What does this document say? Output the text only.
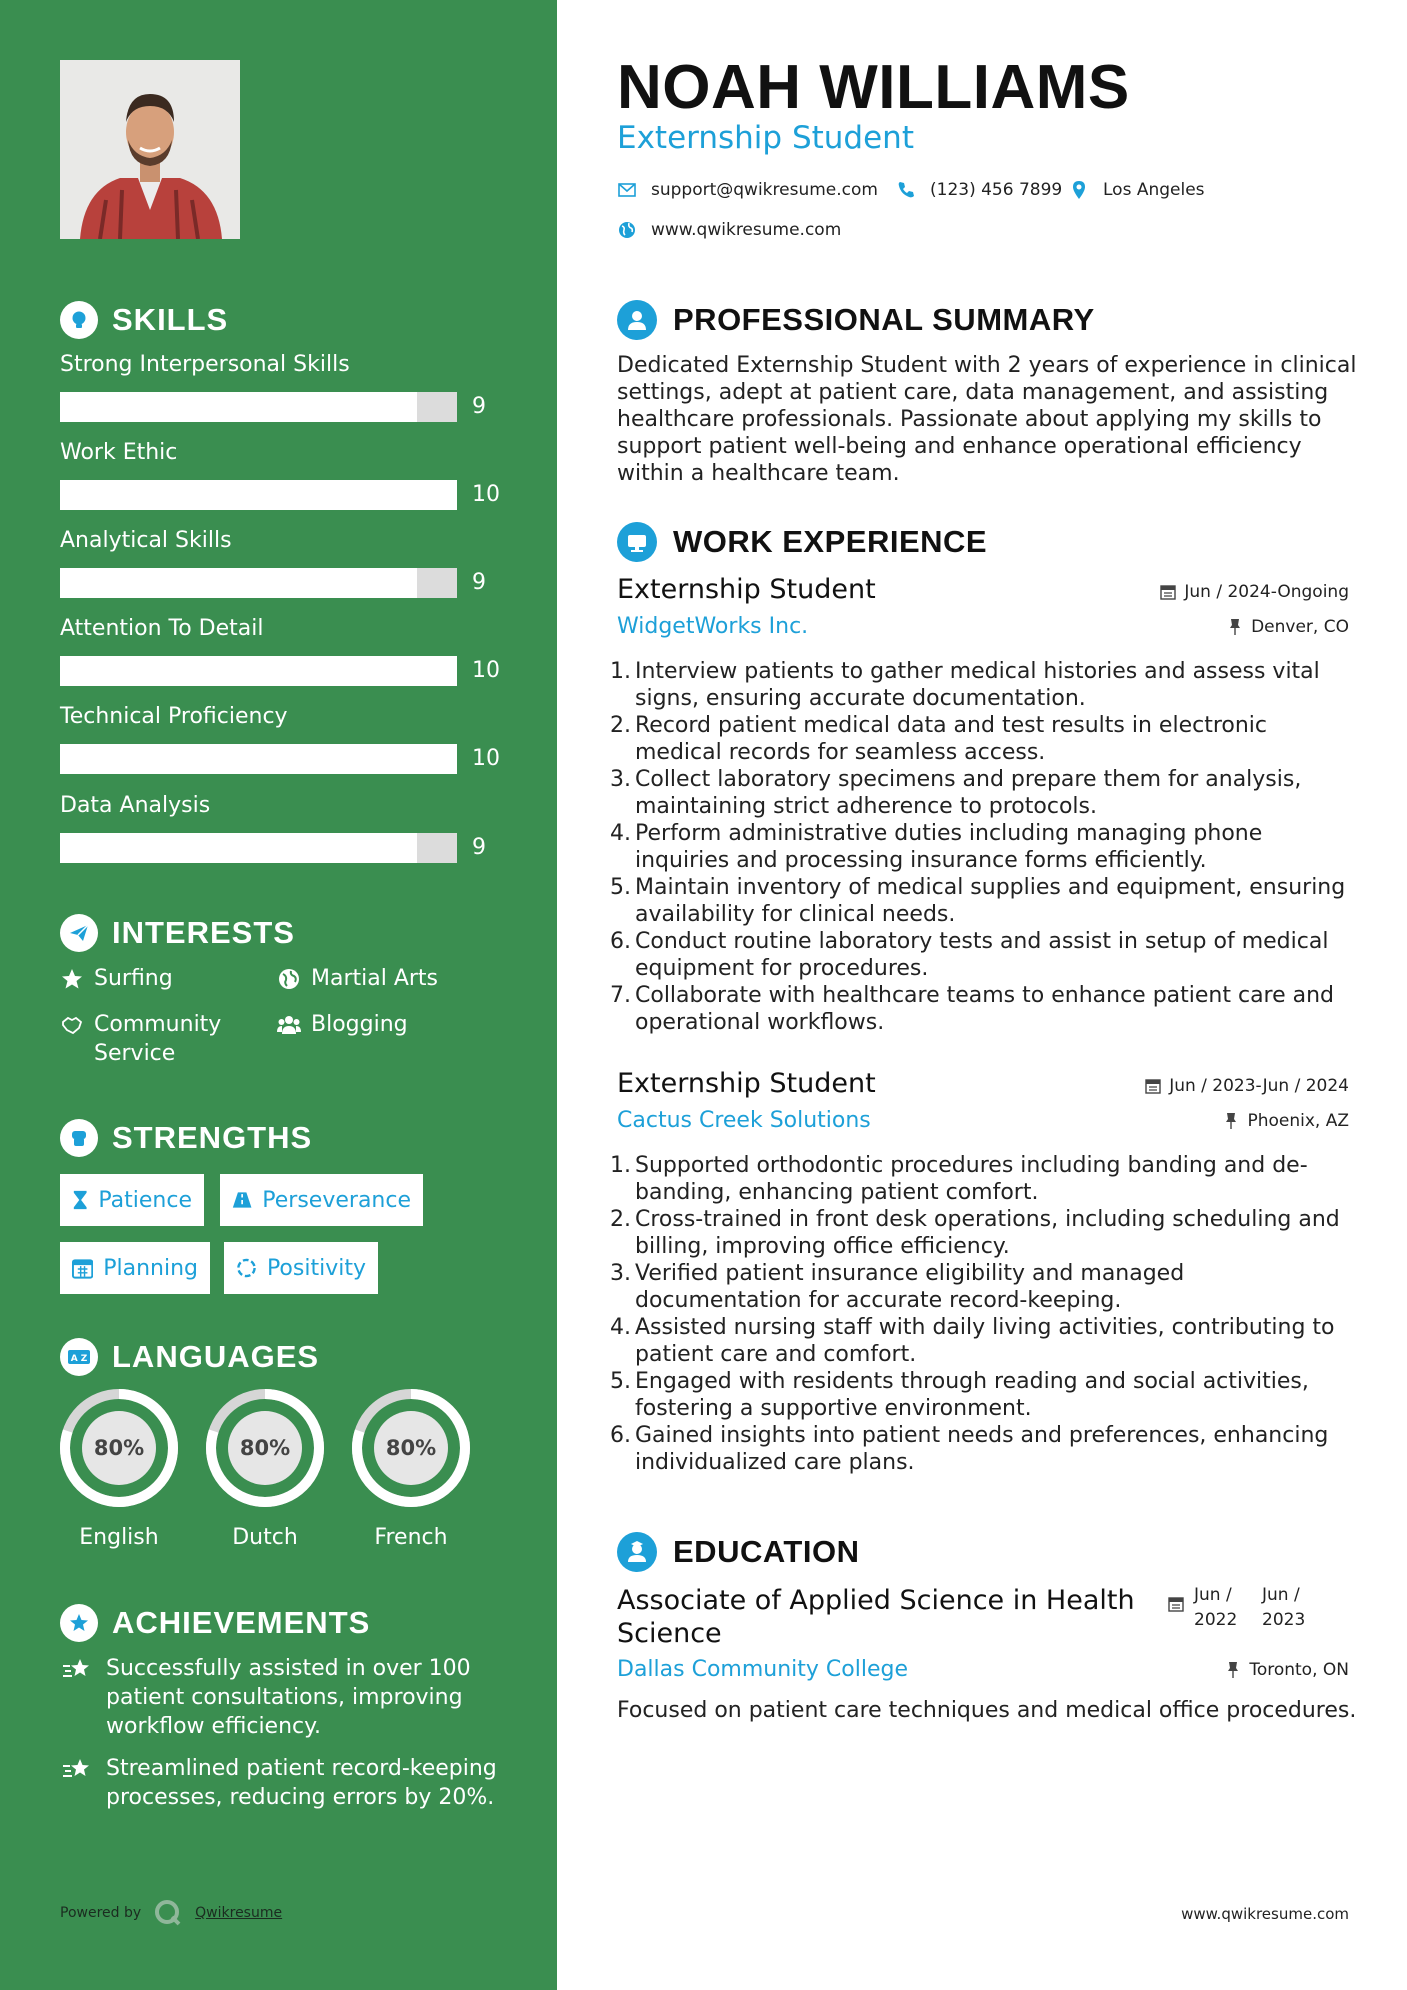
SKILLS
Strong Interpersonal Skills
9
Work Ethic
10
Analytical Skills
9
Attention To Detail
10
Technical Proficiency
10
Data Analysis
9
INTERESTS
Surfing	Martial Arts
Community Service
Blogging
STRENGTHS
Patience	Perseverance
Planning	Positivity
A Z LANGUAGES
80%
English
80%
Dutch
80%
French
ACHIEVEMENTS
Successfully assisted in over 100 patient consultations, improving workflow efficiency.
Streamlined patient record-keeping processes, reducing errors by 20%.
Powered by	Qwikresume
NOAH WILLIAMS
Externship Student
support@qwikresume.com	(123) 456 7899 Los Angeles
www.qwikresume.com
PROFESSIONAL SUMMARY

Dedicated Externship Student with 2 years of experience in clinical settings, adept at patient care, data management, and assisting healthcare professionals. Passionate about applying my skills to support patient well-being and enhance operational efficiency within a healthcare team.

WORK EXPERIENCE
Externship Student
WidgetWorks Inc.
Jun / 2024-Ongoing
Denver, CO
1. Interview patients to gather medical histories and assess vital signs, ensuring accurate documentation.
2. Record patient medical data and test results in electronic medical records for seamless access.
3. Collect laboratory specimens and prepare them for analysis, maintaining strict adherence to protocols.
4. Perform administrative duties including managing phone inquiries and processing insurance forms efficiently.
5. Maintain inventory of medical supplies and equipment, ensuring availability for clinical needs.
6. Conduct routine laboratory tests and assist in setup of medical equipment for procedures.
7. Collaborate with healthcare teams to enhance patient care and operational workflows.
Externship Student
Cactus Creek Solutions
Jun / 2023-Jun / 2024
Phoenix, AZ
1. Supported orthodontic procedures including banding and de-banding, enhancing patient comfort.
2. Cross-trained in front desk operations, including scheduling and billing, improving office efficiency.
3. Verified patient insurance eligibility and managed documentation for accurate record-keeping.
4. Assisted nursing staff with daily living activities, contributing to patient care and comfort.
5. Engaged with residents through reading and social activities, fostering a supportive environment.
6. Gained insights into patient needs and preferences, enhancing individualized care plans.
EDUCATION
Associate of Applied Science in Health Science
Jun / 2022
Jun / 2023
Dallas Community College	Toronto, ON

Focused on patient care techniques and medical office procedures.

www.qwikresume.com
